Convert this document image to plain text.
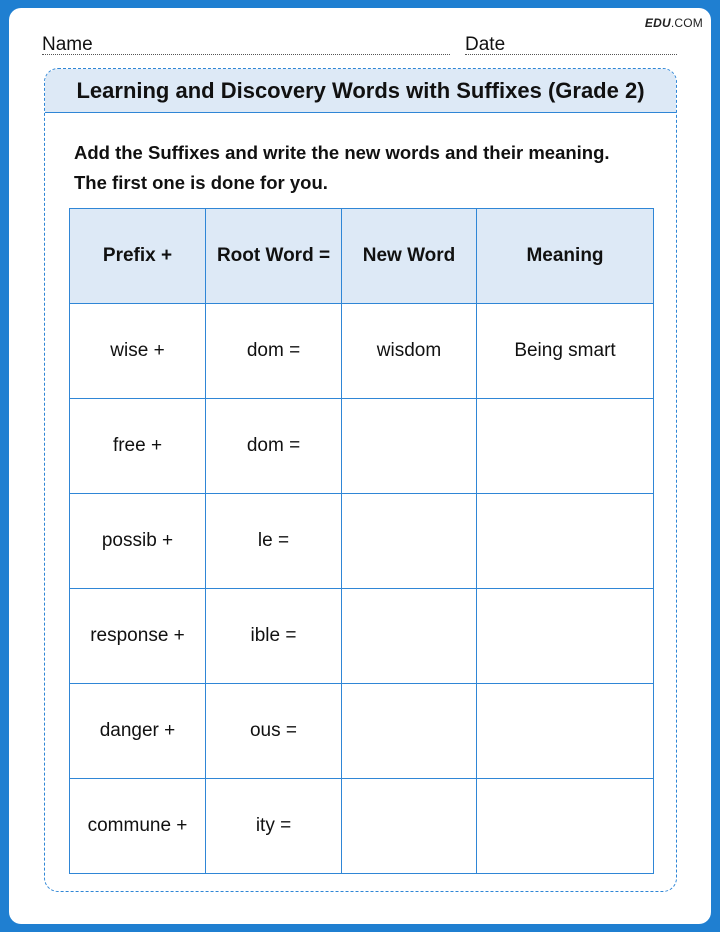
EDU.COM
Name	Date
Learning and Discovery Words with Suffixes (Grade 2)
Add the Suffixes and write the new words and their meaning.
The first one is done for you.
Prefix +	Root Word =	New Word	Meaning
wise +	dom =	wisdom	Being smart
free +	dom =		
possib +	le =		
response +	ible =		
danger +	ous =		
commune +	ity =		
